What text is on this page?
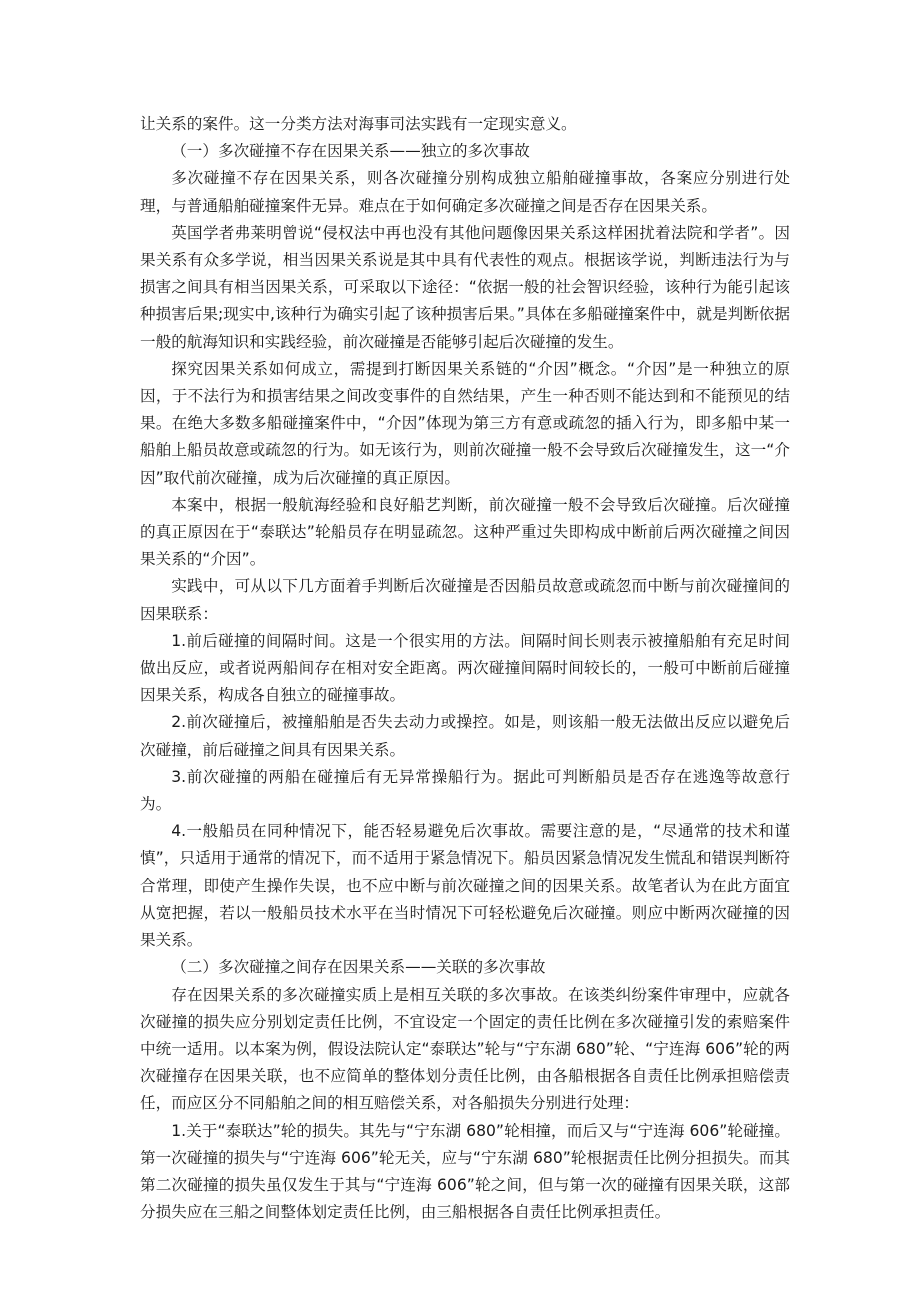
让关系的案件。这一分类方法对海事司法实践有一定现实意义。

（一）多次碰撞不存在因果关系——独立的多次事故

多次碰撞不存在因果关系，则各次碰撞分别构成独立船舶碰撞事故，各案应分别进行处理，与普通船舶碰撞案件无异。难点在于如何确定多次碰撞之间是否存在因果关系。

英国学者弗莱明曾说“侵权法中再也没有其他问题像因果关系这样困扰着法院和学者”。因果关系有众多学说，相当因果关系说是其中具有代表性的观点。根据该学说，判断违法行为与损害之间具有相当因果关系，可采取以下途径：“依据一般的社会智识经验，该种行为能引起该种损害后果;现实中,该种行为确实引起了该种损害后果。”具体在多船碰撞案件中，就是判断依据一般的航海知识和实践经验，前次碰撞是否能够引起后次碰撞的发生。

探究因果关系如何成立，需提到打断因果关系链的“介因”概念。“介因”是一种独立的原因，于不法行为和损害结果之间改变事件的自然结果，产生一种否则不能达到和不能预见的结果。在绝大多数多船碰撞案件中，“介因”体现为第三方有意或疏忽的插入行为，即多船中某一船舶上船员故意或疏忽的行为。如无该行为，则前次碰撞一般不会导致后次碰撞发生，这一“介因”取代前次碰撞，成为后次碰撞的真正原因。

本案中，根据一般航海经验和良好船艺判断，前次碰撞一般不会导致后次碰撞。后次碰撞的真正原因在于“泰联达”轮船员存在明显疏忽。这种严重过失即构成中断前后两次碰撞之间因果关系的“介因”。

实践中，可从以下几方面着手判断后次碰撞是否因船员故意或疏忽而中断与前次碰撞间的因果联系：

1.前后碰撞的间隔时间。这是一个很实用的方法。间隔时间长则表示被撞船舶有充足时间做出反应，或者说两船间存在相对安全距离。两次碰撞间隔时间较长的，一般可中断前后碰撞因果关系，构成各自独立的碰撞事故。

2.前次碰撞后，被撞船舶是否失去动力或操控。如是，则该船一般无法做出反应以避免后次碰撞，前后碰撞之间具有因果关系。

3.前次碰撞的两船在碰撞后有无异常操船行为。据此可判断船员是否存在逃逸等故意行为。

4.一般船员在同种情况下，能否轻易避免后次事故。需要注意的是，“尽通常的技术和谨慎”，只适用于通常的情况下，而不适用于紧急情况下。船员因紧急情况发生慌乱和错误判断符合常理，即使产生操作失误，也不应中断与前次碰撞之间的因果关系。故笔者认为在此方面宜从宽把握，若以一般船员技术水平在当时情况下可轻松避免后次碰撞。则应中断两次碰撞的因果关系。

（二）多次碰撞之间存在因果关系——关联的多次事故

存在因果关系的多次碰撞实质上是相互关联的多次事故。在该类纠纷案件审理中，应就各次碰撞的损失应分别划定责任比例，不宜设定一个固定的责任比例在多次碰撞引发的索赔案件中统一适用。以本案为例，假设法院认定“泰联达”轮与“宁东湖 680”轮、“宁连海 606”轮的两次碰撞存在因果关联，也不应简单的整体划分责任比例，由各船根据各自责任比例承担赔偿责任，而应区分不同船舶之间的相互赔偿关系，对各船损失分别进行处理：

1.关于“泰联达”轮的损失。其先与“宁东湖 680”轮相撞，而后又与“宁连海 606”轮碰撞。第一次碰撞的损失与“宁连海 606”轮无关，应与“宁东湖 680”轮根据责任比例分担损失。而其第二次碰撞的损失虽仅发生于其与“宁连海 606”轮之间，但与第一次的碰撞有因果关联，这部分损失应在三船之间整体划定责任比例，由三船根据各自责任比例承担责任。
